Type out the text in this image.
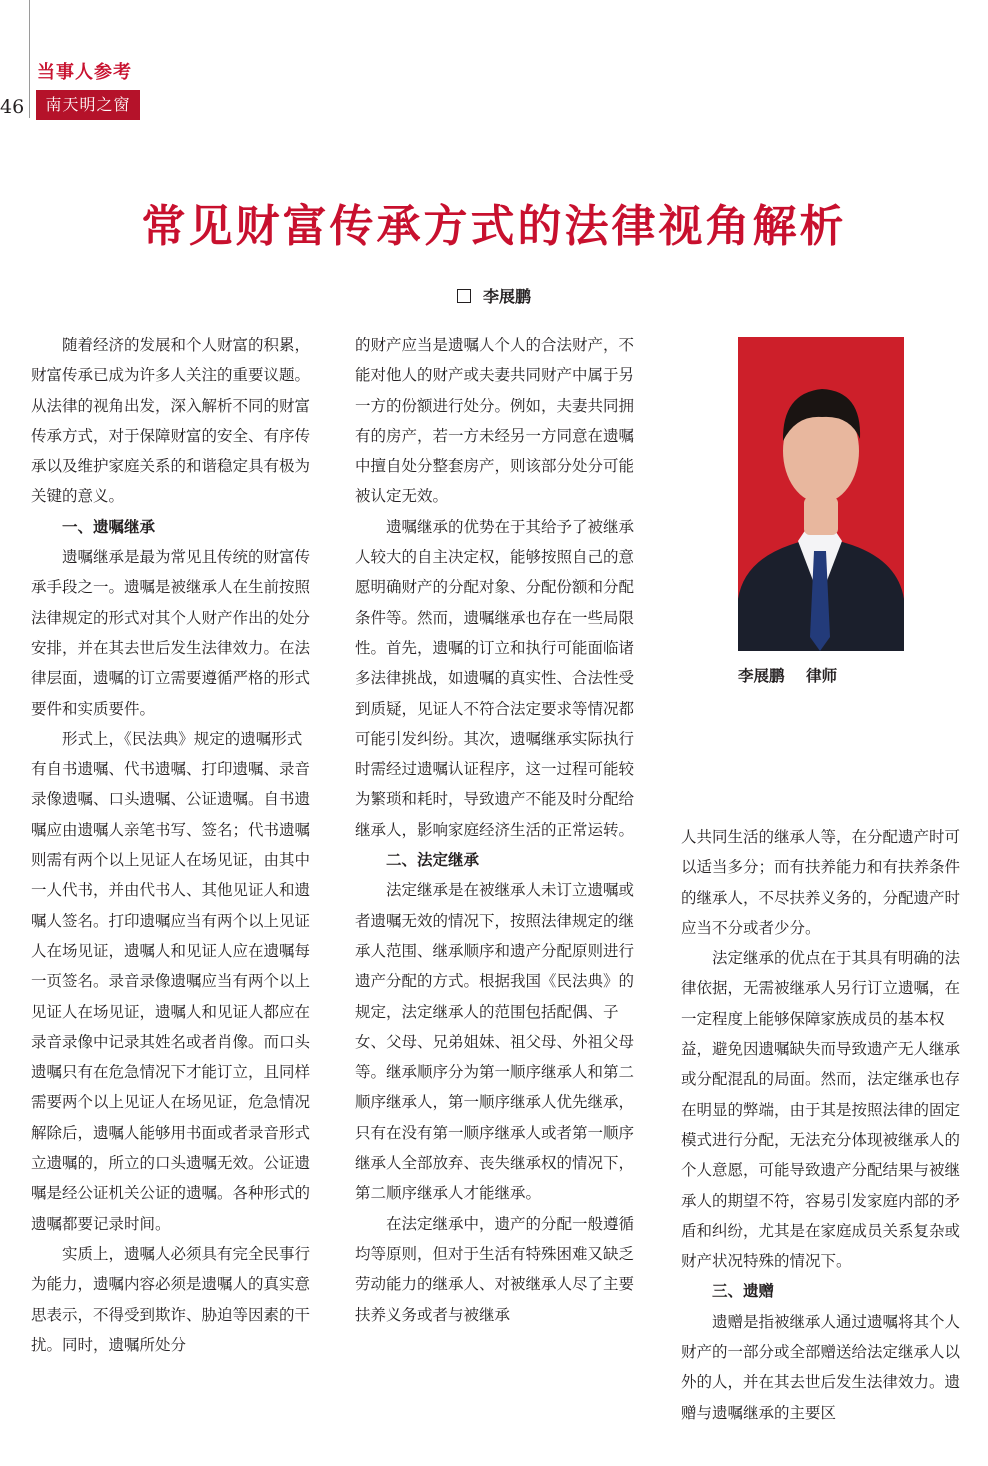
46
当事人参考
南天明之窗
常见财富传承方式的法律视角解析
李展鹏

随着经济的发展和个人财富的积累，财富传承已成为许多人关注的重要议题。从法律的视角出发，深入解析不同的财富传承方式，对于保障财富的安全、有序传承以及维护家庭关系的和谐稳定具有极为关键的意义。

一、遗嘱继承

遗嘱继承是最为常见且传统的财富传承手段之一。遗嘱是被继承人在生前按照法律规定的形式对其个人财产作出的处分安排，并在其去世后发生法律效力。在法律层面，遗嘱的订立需要遵循严格的形式要件和实质要件。

形式上，《民法典》规定的遗嘱形式有自书遗嘱、代书遗嘱、打印遗嘱、录音录像遗嘱、口头遗嘱、公证遗嘱。自书遗嘱应由遗嘱人亲笔书写、签名；代书遗嘱则需有两个以上见证人在场见证，由其中一人代书，并由代书人、其他见证人和遗嘱人签名。打印遗嘱应当有两个以上见证人在场见证，遗嘱人和见证人应在遗嘱每一页签名。录音录像遗嘱应当有两个以上见证人在场见证，遗嘱人和见证人都应在录音录像中记录其姓名或者肖像。而口头遗嘱只有在危急情况下才能订立，且同样需要两个以上见证人在场见证，危急情况解除后，遗嘱人能够用书面或者录音形式立遗嘱的，所立的口头遗嘱无效。公证遗嘱是经公证机关公证的遗嘱。各种形式的遗嘱都要记录时间。

实质上，遗嘱人必须具有完全民事行为能力，遗嘱内容必须是遗嘱人的真实意思表示，不得受到欺诈、胁迫等因素的干扰。同时，遗嘱所处分

的财产应当是遗嘱人个人的合法财产，不能对他人的财产或夫妻共同财产中属于另一方的份额进行处分。例如，夫妻共同拥有的房产，若一方未经另一方同意在遗嘱中擅自处分整套房产，则该部分处分可能被认定无效。

遗嘱继承的优势在于其给予了被继承人较大的自主决定权，能够按照自己的意愿明确财产的分配对象、分配份额和分配条件等。然而，遗嘱继承也存在一些局限性。首先，遗嘱的订立和执行可能面临诸多法律挑战，如遗嘱的真实性、合法性受到质疑，见证人不符合法定要求等情况都可能引发纠纷。其次，遗嘱继承实际执行时需经过遗嘱认证程序，这一过程可能较为繁琐和耗时，导致遗产不能及时分配给继承人，影响家庭经济生活的正常运转。

二、法定继承

法定继承是在被继承人未订立遗嘱或者遗嘱无效的情况下，按照法律规定的继承人范围、继承顺序和遗产分配原则进行遗产分配的方式。根据我国《民法典》的规定，法定继承人的范围包括配偶、子女、父母、兄弟姐妹、祖父母、外祖父母等。继承顺序分为第一顺序继承人和第二顺序继承人，第一顺序继承人优先继承，只有在没有第一顺序继承人或者第一顺序继承人全部放弃、丧失继承权的情况下，第二顺序继承人才能继承。

在法定继承中，遗产的分配一般遵循均等原则，但对于生活有特殊困难又缺乏劳动能力的继承人、对被继承人尽了主要扶养义务或者与被继承

人共同生活的继承人等，在分配遗产时可以适当多分；而有扶养能力和有扶养条件的继承人，不尽扶养义务的，分配遗产时应当不分或者少分。

法定继承的优点在于其具有明确的法律依据，无需被继承人另行订立遗嘱，在一定程度上能够保障家族成员的基本权益，避免因遗嘱缺失而导致遗产无人继承或分配混乱的局面。然而，法定继承也存在明显的弊端，由于其是按照法律的固定模式进行分配，无法充分体现被继承人的个人意愿，可能导致遗产分配结果与被继承人的期望不符，容易引发家庭内部的矛盾和纠纷，尤其是在家庭成员关系复杂或财产状况特殊的情况下。

三、遗赠

遗赠是指被继承人通过遗嘱将其个人财产的一部分或全部赠送给法定继承人以外的人，并在其去世后发生法律效力。遗赠与遗嘱继承的主要区

李展鹏    律师
